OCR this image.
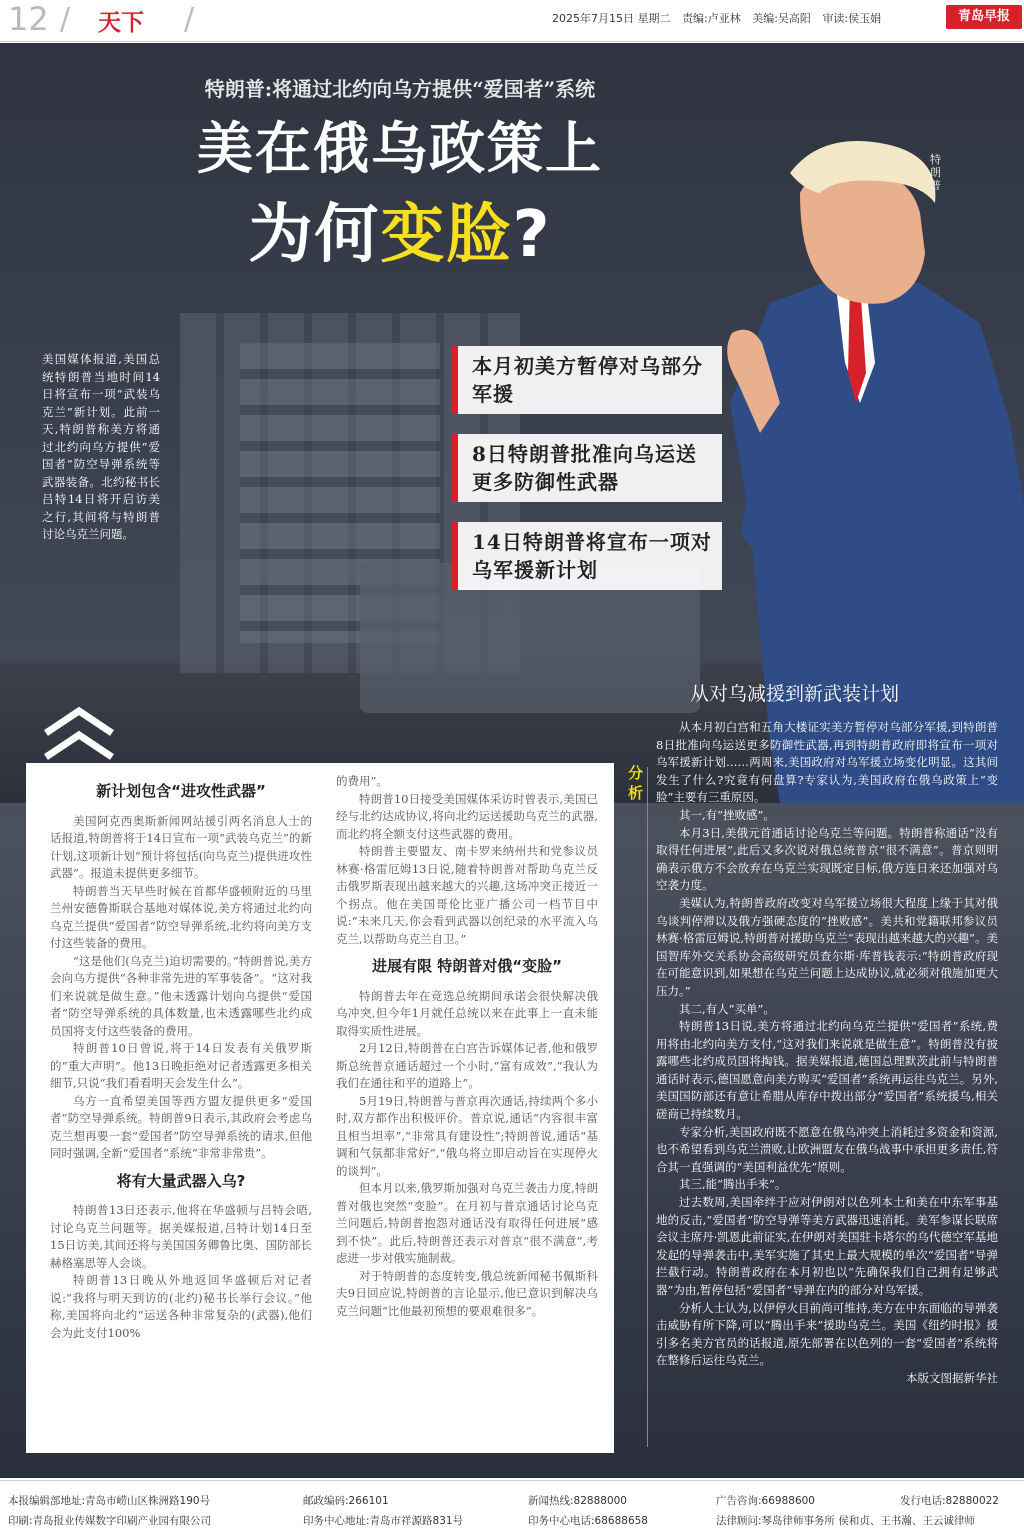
12 / 天下 /	2025年7月15日 星期二 责编:卢亚林 美编:吴高阳 审读:侯玉娟	青岛早报
特朗普:将通过北约向乌方提供“爱国者”系统
美在俄乌政策上
为何变脸?
特朗普
美国媒体报道,美国总统特朗普当地时间14日将宣布一项“武装乌克兰”新计划。此前一天,特朗普称美方将通过北约向乌方提供“爱国者”防空导弹系统等武器装备。北约秘书长吕特14日将开启访美之行,其间将与特朗普讨论乌克兰问题。
本月初美方暂停对乌部分军援
8日特朗普批准向乌运送更多防御性武器
14日特朗普将宣布一项对乌军援新计划
新计划包含“进攻性武器”

美国阿克西奥斯新闻网站援引两名消息人士的话报道,特朗普将于14日宣布一项“武装乌克兰”的新计划,这项新计划“预计将包括(向乌克兰)提供进攻性武器”。报道未提供更多细节。

特朗普当天早些时候在首都华盛顿附近的马里兰州安德鲁斯联合基地对媒体说,美方将通过北约向乌克兰提供“爱国者”防空导弹系统,北约将向美方支付这些装备的费用。

“这是他们(乌克兰)迫切需要的。”特朗普说,美方会向乌方提供“各种非常先进的军事装备”。“这对我们来说就是做生意。”他未透露计划向乌提供“爱国者”防空导弹系统的具体数量,也未透露哪些北约成员国将支付这些装备的费用。

特朗普10日曾说,将于14日发表有关俄罗斯的“重大声明”。他13日晚拒绝对记者透露更多相关细节,只说“我们看看明天会发生什么”。

乌方一直希望美国等西方盟友提供更多“爱国者”防空导弹系统。特朗普9日表示,其政府会考虑乌克兰想再要一套“爱国者”防空导弹系统的请求,但他同时强调,全新“爱国者”系统“非常非常贵”。

将有大量武器入乌?

特朗普13日还表示,他将在华盛顿与吕特会晤,讨论乌克兰问题等。据美媒报道,吕特计划14日至15日访美,其间还将与美国国务卿鲁比奥、国防部长赫格塞思等人会谈。

特朗普13日晚从外地返回华盛顿后对记者说:“我将与明天到访的(北约)秘书长举行会议。”他称,美国将向北约“运送各种非常复杂的(武器),他们会为此支付100%

的费用”。

特朗普10日接受美国媒体采访时曾表示,美国已经与北约达成协议,将向北约运送援助乌克兰的武器,而北约将全额支付这些武器的费用。

特朗普主要盟友、南卡罗来纳州共和党参议员林赛·格雷厄姆13日说,随着特朗普对帮助乌克兰反击俄罗斯表现出越来越大的兴趣,这场冲突正接近一个拐点。他在美国哥伦比亚广播公司一档节目中说:“未来几天,你会看到武器以创纪录的水平流入乌克兰,以帮助乌克兰自卫。”

进展有限 特朗普对俄“变脸”

特朗普去年在竞选总统期间承诺会很快解决俄乌冲突,但今年1月就任总统以来在此事上一直未能取得实质性进展。

2月12日,特朗普在白宫告诉媒体记者,他和俄罗斯总统普京通话超过一个小时,“富有成效”,“我认为我们在通往和平的道路上”。

5月19日,特朗普与普京再次通话,持续两个多小时,双方都作出积极评价。普京说,通话“内容很丰富且相当坦率”,“非常具有建设性”;特朗普说,通话“基调和气氛都非常好”,“俄乌将立即启动旨在实现停火的谈判”。

但本月以来,俄罗斯加强对乌克兰袭击力度,特朗普对俄也突然“变脸”。在月初与普京通话讨论乌克兰问题后,特朗普抱怨对通话没有取得任何进展“感到不快”。此后,特朗普还表示对普京“很不满意”,考虑进一步对俄实施制裁。

对于特朗普的态度转变,俄总统新闻秘书佩斯科夫9日回应说,特朗普的言论显示,他已意识到解决乌克兰问题“比他最初预想的要艰难很多”。

从对乌减援到新武装计划
分析

从本月初白宫和五角大楼证实美方暂停对乌部分军援,到特朗普8日批准向乌运送更多防御性武器,再到特朗普政府即将宣布一项对乌军援新计划……两周来,美国政府对乌军援立场变化明显。这其间发生了什么?究竟有何盘算?专家认为,美国政府在俄乌政策上“变脸”主要有三重原因。

其一,有“挫败感”。

本月3日,美俄元首通话讨论乌克兰等问题。特朗普称通话“没有取得任何进展”,此后又多次说对俄总统普京“很不满意”。普京则明确表示俄方不会放弃在乌克兰实现既定目标,俄方连日来还加强对乌空袭力度。

美媒认为,特朗普政府改变对乌军援立场很大程度上缘于其对俄乌谈判停滞以及俄方强硬态度的“挫败感”。美共和党籍联邦参议员林赛·格雷厄姆说,特朗普对援助乌克兰“表现出越来越大的兴趣”。美国智库外交关系协会高级研究员查尔斯·库普钱表示:“特朗普政府现在可能意识到,如果想在乌克兰问题上达成协议,就必须对俄施加更大压力。”

其二,有人“买单”。

特朗普13日说,美方将通过北约向乌克兰提供“爱国者”系统,费用将由北约向美方支付,“这对我们来说就是做生意”。特朗普没有披露哪些北约成员国将掏钱。据美媒报道,德国总理默茨此前与特朗普通话时表示,德国愿意向美方购买“爱国者”系统再运往乌克兰。另外,美国国防部还有意让希腊从库存中拨出部分“爱国者”系统援乌,相关磋商已持续数月。

专家分析,美国政府既不愿意在俄乌冲突上消耗过多资金和资源,也不希望看到乌克兰溃败,让欧洲盟友在俄乌战事中承担更多责任,符合其一直强调的“美国利益优先”原则。

其三,能“腾出手来”。

过去数周,美国牵绊于应对伊朗对以色列本土和美在中东军事基地的反击,“爱国者”防空导弹等美方武器迅速消耗。美军参谋长联席会议主席丹·凯恩此前证实,在伊朗对美国驻卡塔尔的乌代德空军基地发起的导弹袭击中,美军实施了其史上最大规模的单次“爱国者”导弹拦截行动。特朗普政府在本月初也以“先确保我们自己拥有足够武器”为由,暂停包括“爱国者”导弹在内的部分对乌军援。

分析人士认为,以伊停火目前尚可维持,美方在中东面临的导弹袭击威胁有所下降,可以“腾出手来”援助乌克兰。美国《纽约时报》援引多名美方官员的话报道,原先部署在以色列的一套“爱国者”系统将在整修后运往乌克兰。

本版文图据新华社

本报编辑部地址:青岛市崂山区株洲路190号	邮政编码:266101	新闻热线:82888000	广告咨询:66988600	发行电话:82880022
印刷:青岛报业传媒数字印刷产业园有限公司	印务中心地址:青岛市祥源路831号	印务中心电话:68688658	法律顾问:琴岛律师事务所 侯和贞、王书瀚、王云诚律师
